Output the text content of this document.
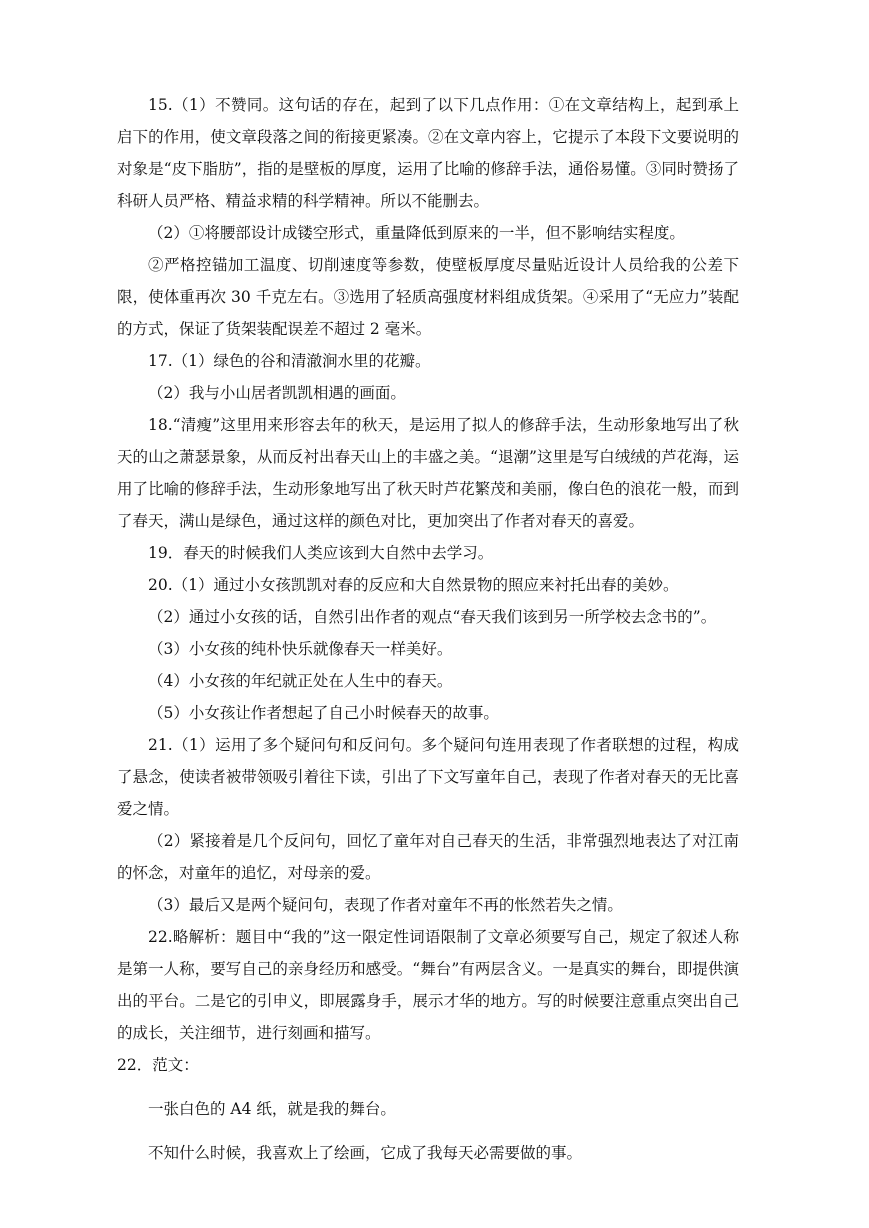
15.（1）不赞同。这句话的存在，起到了以下几点作用：①在文章结构上，起到承上启下的作用，使文章段落之间的衔接更紧凑。②在文章内容上，它提示了本段下文要说明的对象是“皮下脂肪”，指的是壁板的厚度，运用了比喻的修辞手法，通俗易懂。③同时赞扬了科研人员严格、精益求精的科学精神。所以不能删去。

（2）①将腰部设计成镂空形式，重量降低到原来的一半，但不影响结实程度。

②严格控锚加工温度、切削速度等参数，使壁板厚度尽量贴近设计人员给我的公差下限，使体重再次 30 千克左右。③选用了轻质高强度材料组成货架。④采用了“无应力”装配的方式，保证了货架装配误差不超过 2 毫米。

17.（1）绿色的谷和清澈涧水里的花瓣。

（2）我与小山居者凯凯相遇的画面。

18.“清瘦”这里用来形容去年的秋天，是运用了拟人的修辞手法，生动形象地写出了秋天的山之萧瑟景象，从而反衬出春天山上的丰盛之美。“退潮”这里是写白绒绒的芦花海，运用了比喻的修辞手法，生动形象地写出了秋天时芦花繁茂和美丽，像白色的浪花一般，而到了春天，满山是绿色，通过这样的颜色对比，更加突出了作者对春天的喜爱。

19．春天的时候我们人类应该到大自然中去学习。

20.（1）通过小女孩凯凯对春的反应和大自然景物的照应来衬托出春的美妙。

（2）通过小女孩的话，自然引出作者的观点“春天我们该到另一所学校去念书的”。

（3）小女孩的纯朴快乐就像春天一样美好。

（4）小女孩的年纪就正处在人生中的春天。

（5）小女孩让作者想起了自己小时候春天的故事。

21.（1）运用了多个疑问句和反问句。多个疑问句连用表现了作者联想的过程，构成了悬念，使读者被带领吸引着往下读，引出了下文写童年自己，表现了作者对春天的无比喜爱之情。

（2）紧接着是几个反问句，回忆了童年对自己春天的生活，非常强烈地表达了对江南的怀念，对童年的追忆，对母亲的爱。

（3）最后又是两个疑问句，表现了作者对童年不再的怅然若失之情。

22.略解析：题目中“我的”这一限定性词语限制了文章必须要写自己，规定了叙述人称是第一人称，要写自己的亲身经历和感受。“舞台”有两层含义。一是真实的舞台，即提供演出的平台。二是它的引申义，即展露身手，展示才华的地方。写的时候要注意重点突出自己的成长，关注细节，进行刻画和描写。

22．范文：

一张白色的 A4 纸，就是我的舞台。

不知什么时候，我喜欢上了绘画，它成了我每天必需要做的事。
